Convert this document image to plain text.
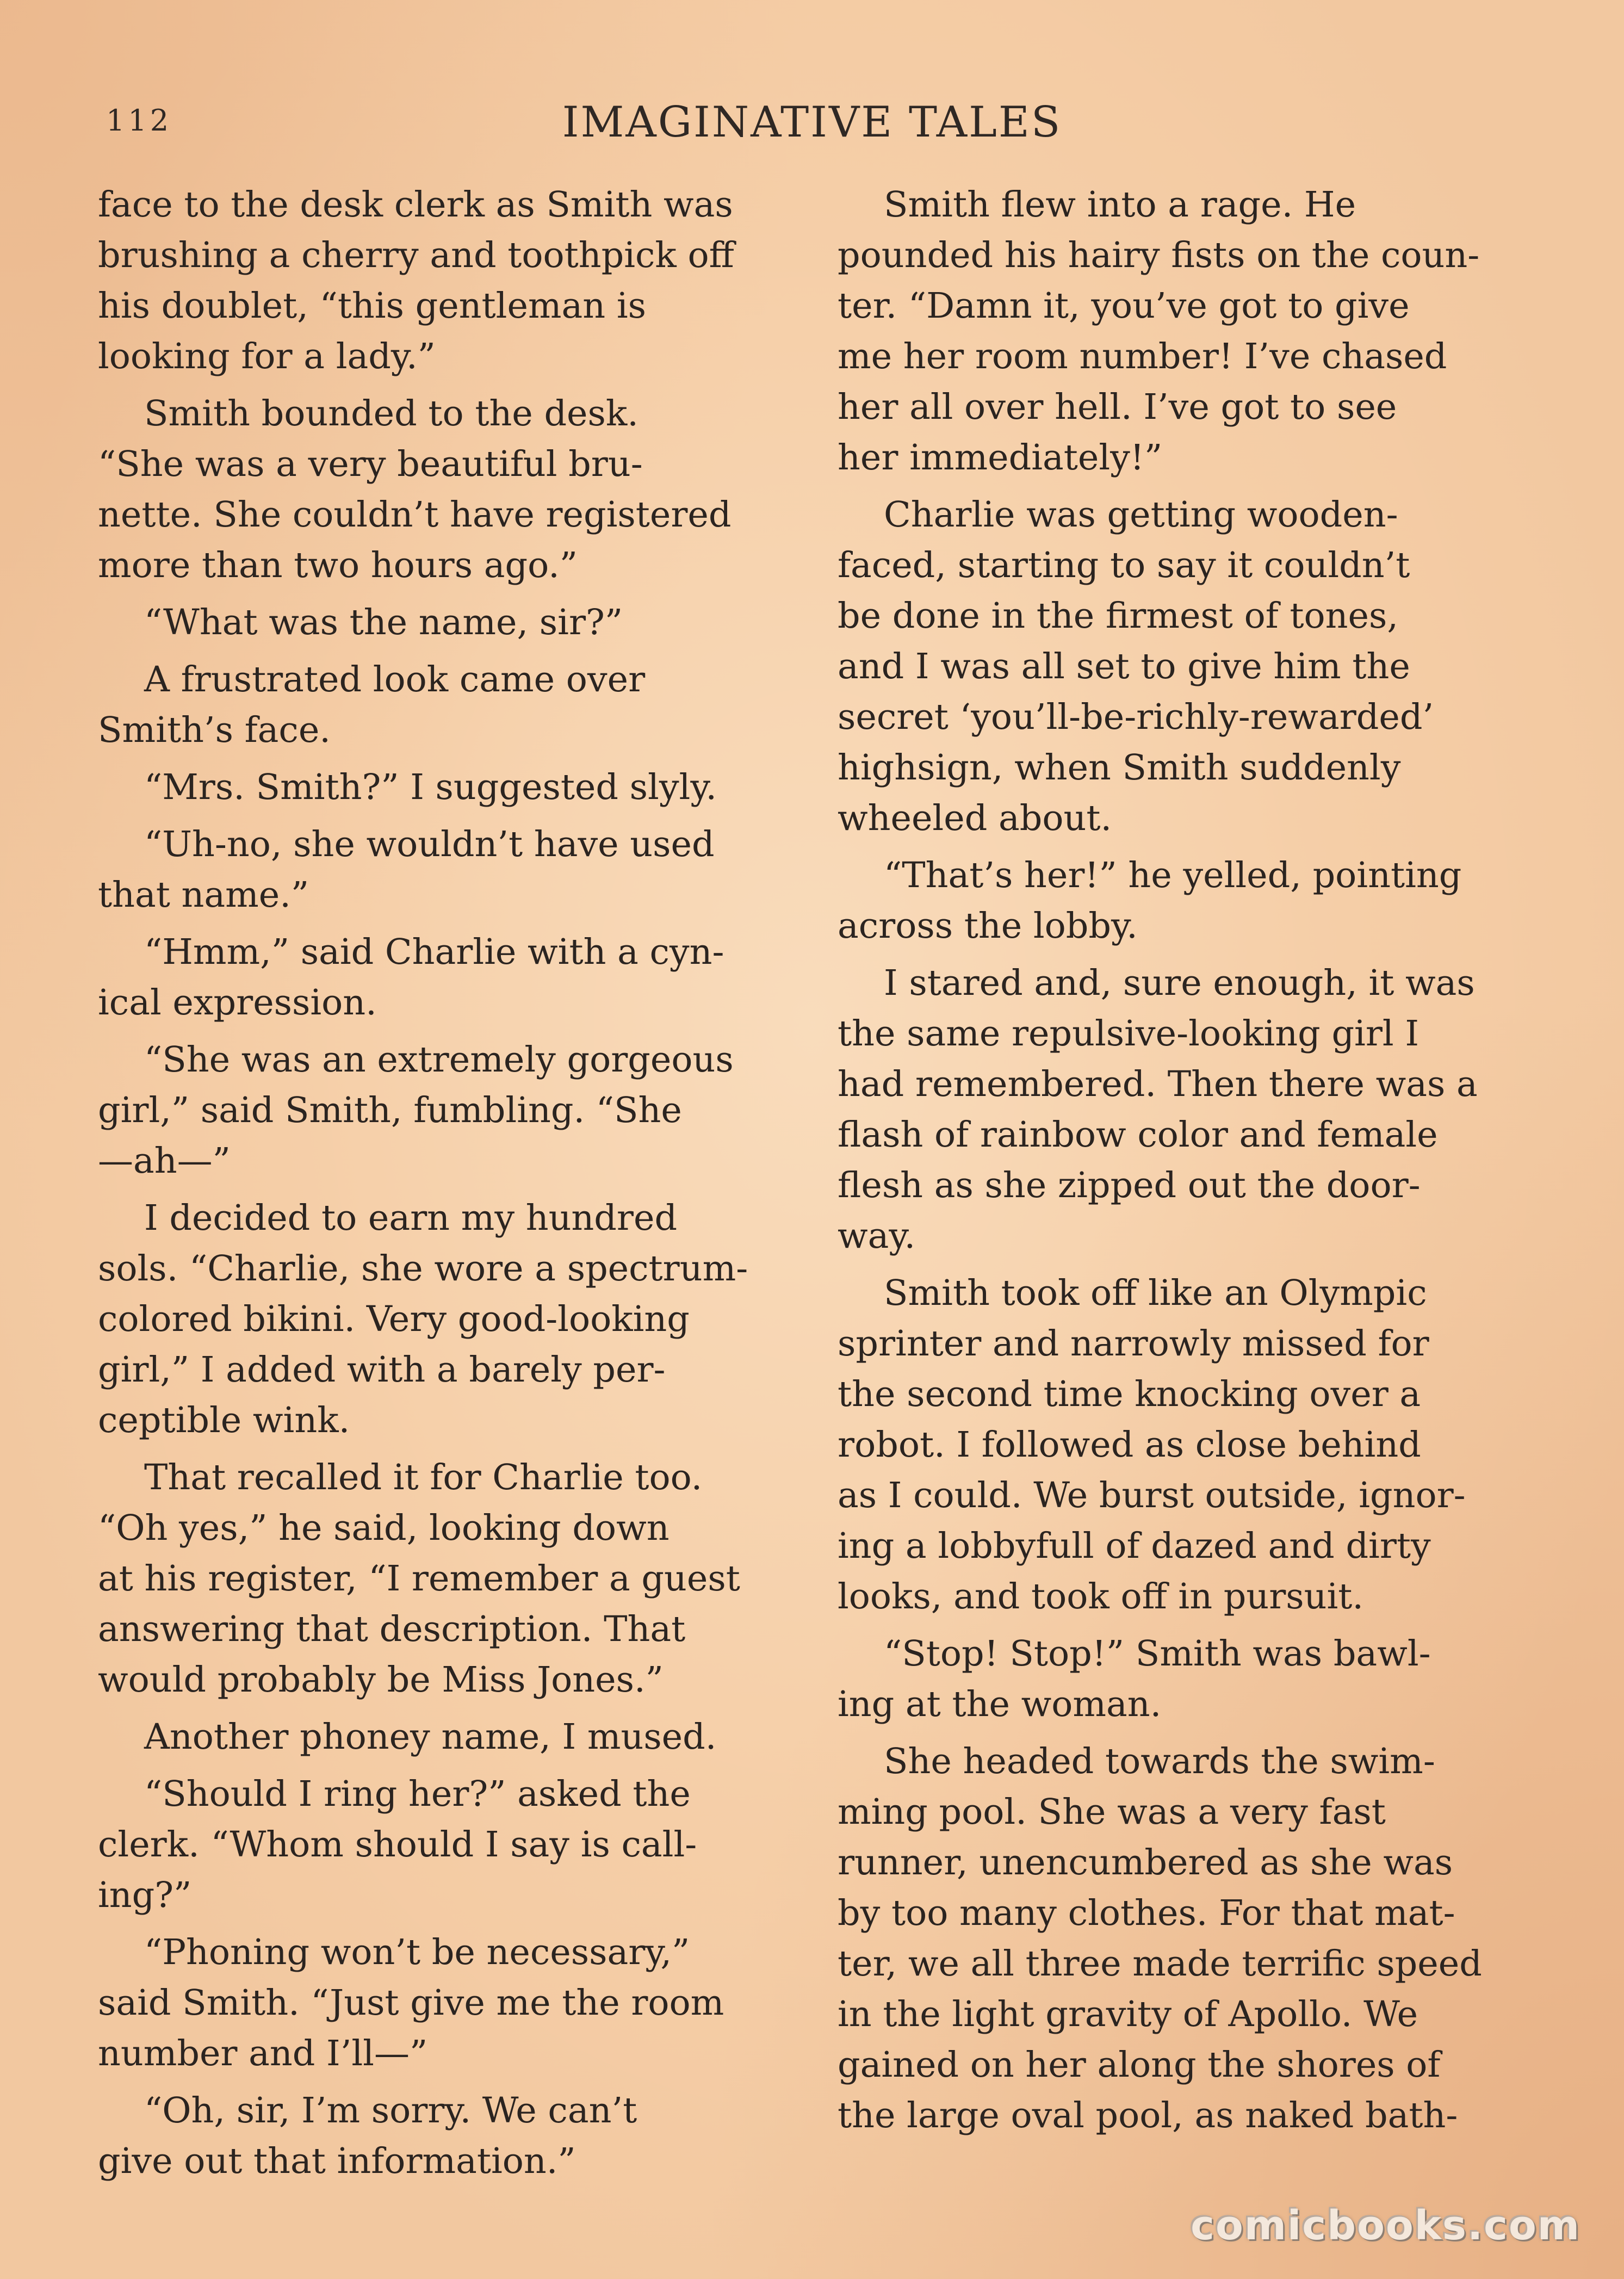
112	IMAGINATIVE TALES

face to the desk clerk as Smith was
brushing a cherry and toothpick off
his doublet, “this gentleman is
looking for a lady.”

Smith bounded to the desk.
“She was a very beautiful bru-
nette. She couldn’t have registered
more than two hours ago.”

“What was the name, sir?”

A frustrated look came over
Smith’s face.

“Mrs. Smith?” I suggested slyly.

“Uh-no, she wouldn’t have used
that name.”

“Hmm,” said Charlie with a cyn-
ical expression.

“She was an extremely gorgeous
girl,” said Smith, fumbling. “She
—ah—”

I decided to earn my hundred
sols. “Charlie, she wore a spectrum-
colored bikini. Very good-looking
girl,” I added with a barely per-
ceptible wink.

That recalled it for Charlie too.
“Oh yes,” he said, looking down
at his register, “I remember a guest
answering that description. That
would probably be Miss Jones.”

Another phoney name, I mused.

“Should I ring her?” asked the
clerk. “Whom should I say is call-
ing?”

“Phoning won’t be necessary,”
said Smith. “Just give me the room
number and I’ll—”

“Oh, sir, I’m sorry. We can’t
give out that information.”

Smith flew into a rage. He
pounded his hairy fists on the coun-
ter. “Damn it, you’ve got to give
me her room number! I’ve chased
her all over hell. I’ve got to see
her immediately!”

Charlie was getting wooden-
faced, starting to say it couldn’t
be done in the firmest of tones,
and I was all set to give him the
secret ‘you’ll-be-richly-rewarded’
highsign, when Smith suddenly
wheeled about.

“That’s her!” he yelled, pointing
across the lobby.

I stared and, sure enough, it was
the same repulsive-looking girl I
had remembered. Then there was a
flash of rainbow color and female
flesh as she zipped out the door-
way.

Smith took off like an Olympic
sprinter and narrowly missed for
the second time knocking over a
robot. I followed as close behind
as I could. We burst outside, ignor-
ing a lobbyfull of dazed and dirty
looks, and took off in pursuit.

“Stop! Stop!” Smith was bawl-
ing at the woman.

She headed towards the swim-
ming pool. She was a very fast
runner, unencumbered as she was
by too many clothes. For that mat-
ter, we all three made terrific speed
in the light gravity of Apollo. We
gained on her along the shores of
the large oval pool, as naked bath-

comicbooks.com
